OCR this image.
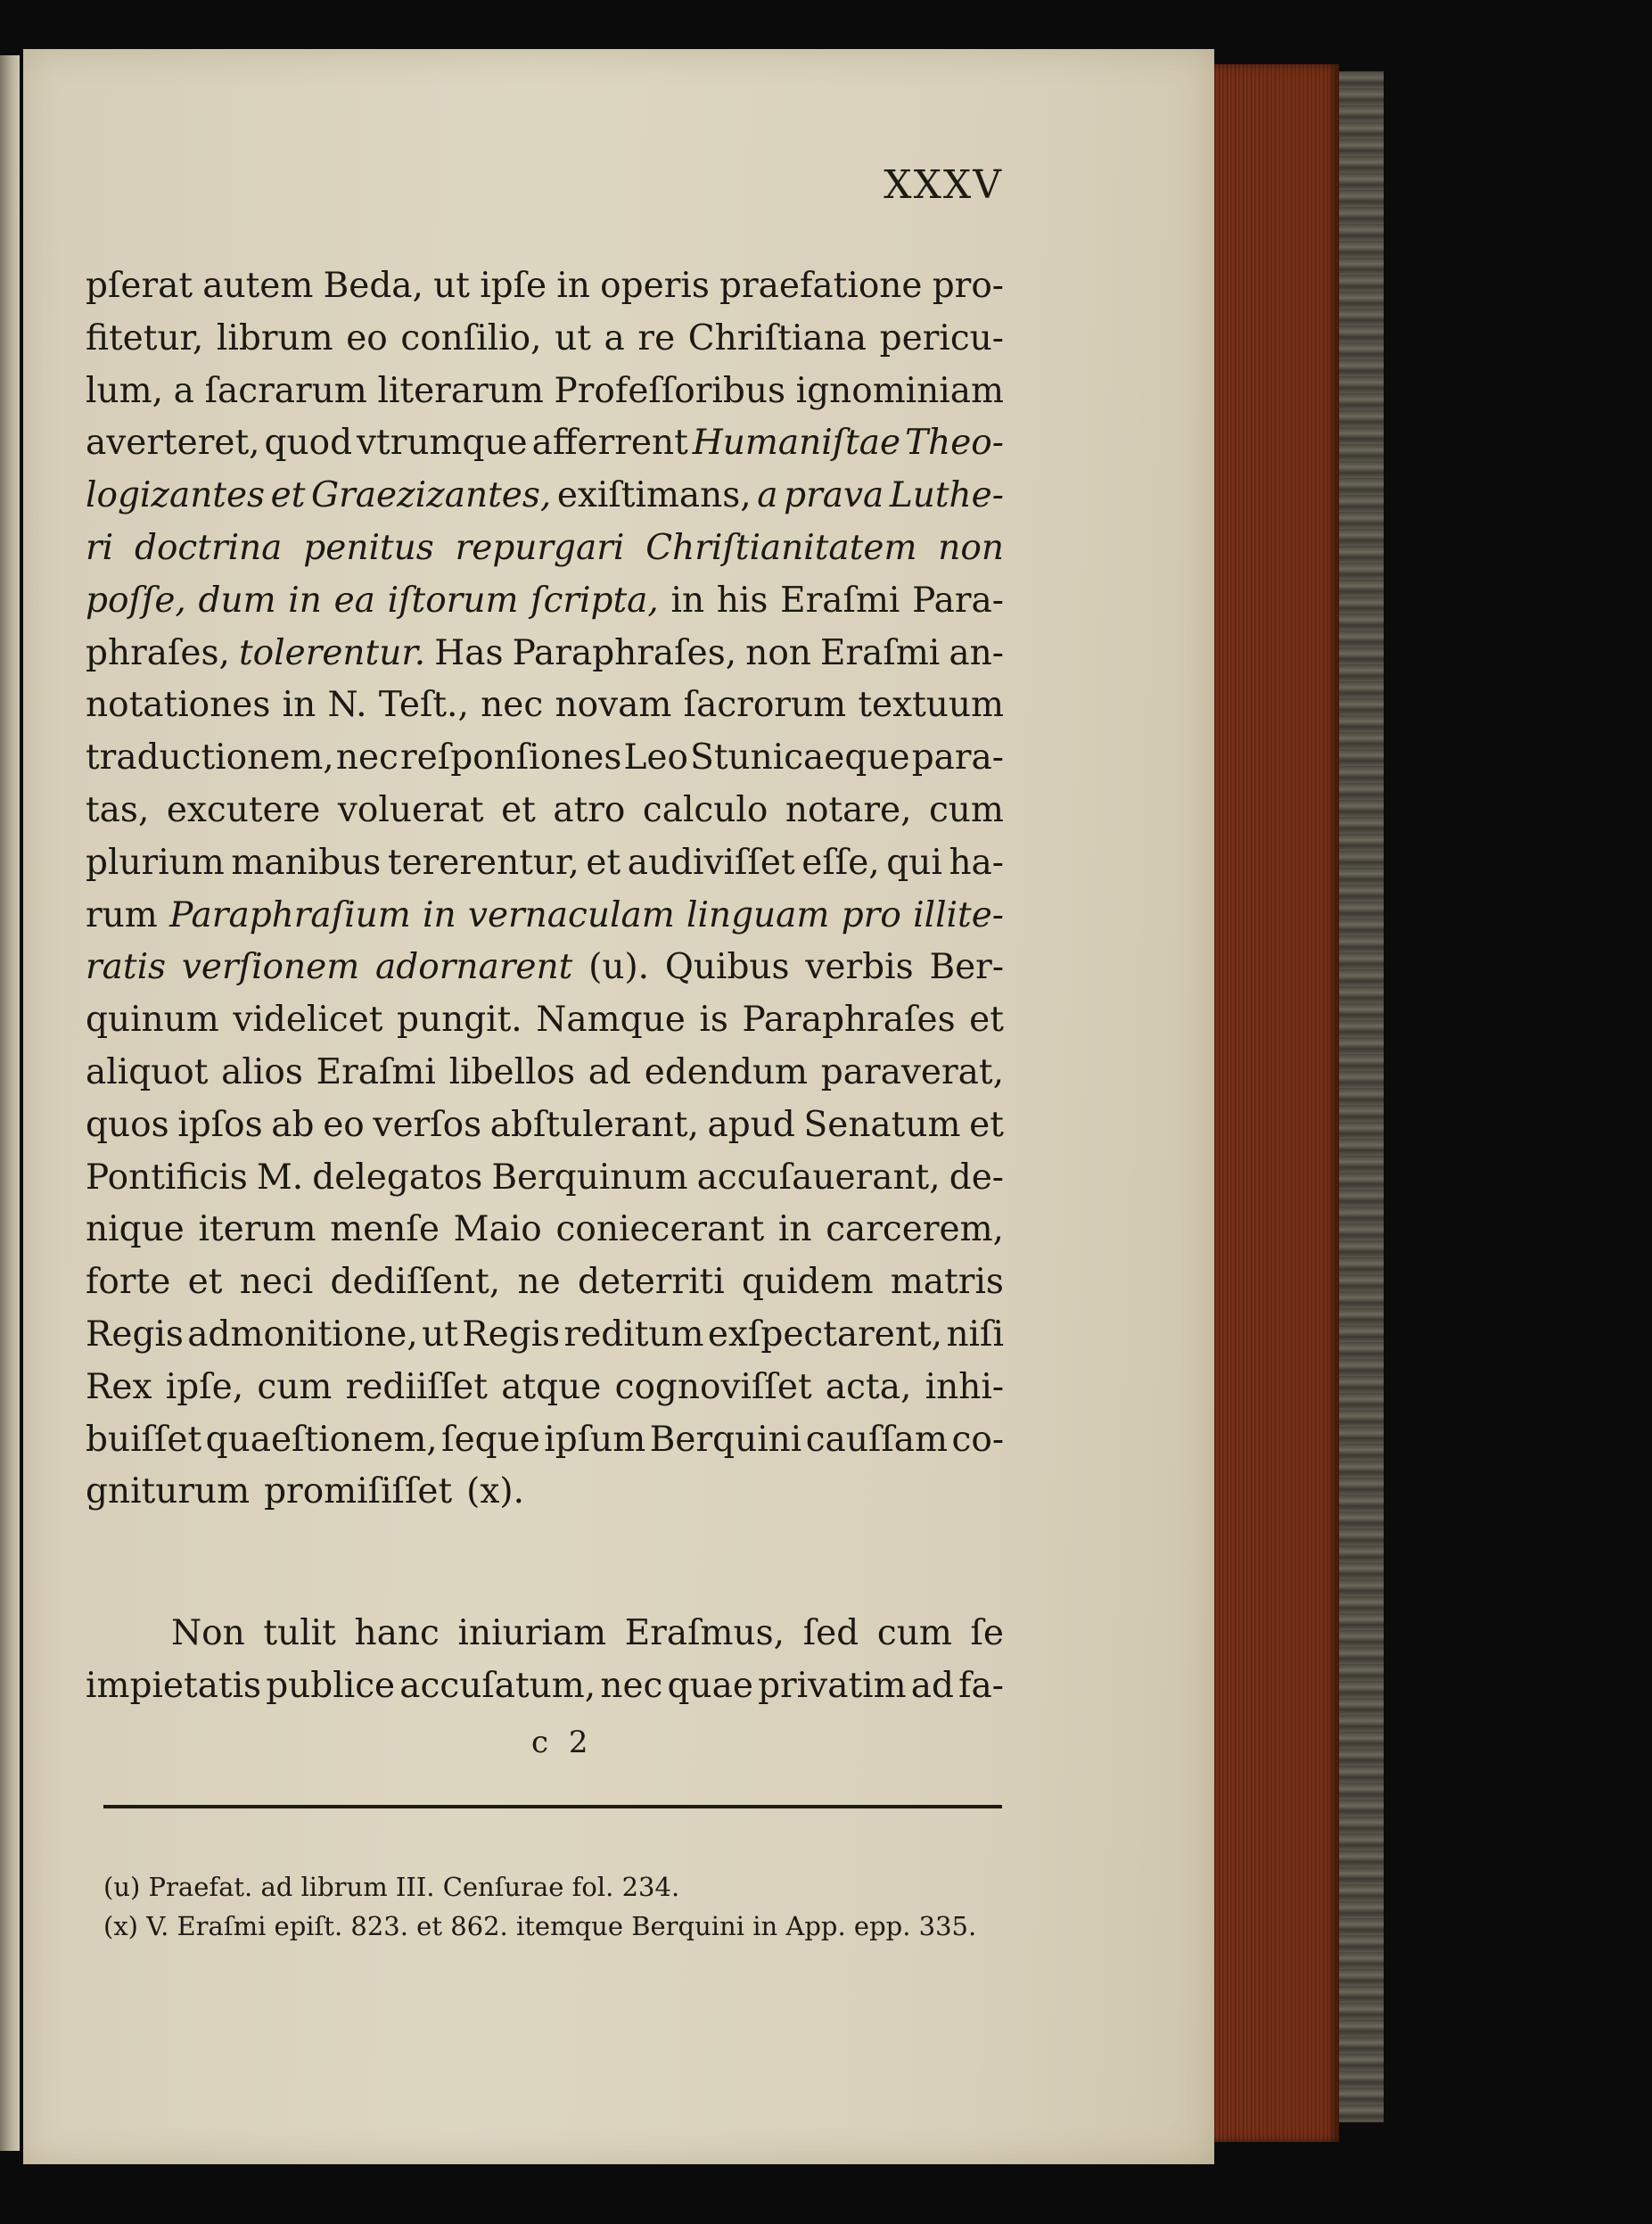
XXXV
pſerat autem Beda, ut ipſe in operis praefatione pro-
fitetur, librum eo conſilio, ut a re Chriſtiana pericu-
lum, a ſacrarum literarum Profeſſoribus ignominiam
averteret, quod vtrumque afferrent Humaniſtae Theo-
logizantes et Graezizantes, exiſtimans, a prava Luthe-
ri doctrina penitus repurgari Chriſtianitatem non
poſſe, dum in ea iſtorum ſcripta, in his Eraſmi Para-
phraſes, tolerentur. Has Paraphraſes, non Eraſmi an-
notationes in N. Teſt., nec novam ſacrorum textuum
traductionem, nec reſponſiones Leo Stunicaeque para-
tas, excutere voluerat et atro calculo notare, cum
plurium manibus tererentur, et audiviſſet eſſe, qui ha-
rum Paraphraſium in vernaculam linguam pro illite-
ratis verſionem adornarent (u). Quibus verbis Ber-
quinum videlicet pungit. Namque is Paraphraſes et
aliquot alios Eraſmi libellos ad edendum paraverat,
quos ipſos ab eo verſos abſtulerant, apud Senatum et
Pontificis M. delegatos Berquinum accuſauerant, de-
nique iterum menſe Maio coniecerant in carcerem,
forte et neci dediſſent, ne deterriti quidem matris
Regis admonitione, ut Regis reditum exſpectarent, niſi
Rex ipſe, cum rediiſſet atque cognoviſſet acta, inhi-
buiſſet quaeſtionem, ſeque ipſum Berquini cauſſam co-
gniturum promiſiſſet (x).
Non tulit hanc iniuriam Eraſmus, ſed cum ſe
impietatis publice accuſatum, nec quae privatim ad fa-
c 2
(u) Praefat. ad librum III. Cenſurae fol. 234.
(x) V. Eraſmi epiſt. 823. et 862. itemque Berquini in App. epp. 335.
